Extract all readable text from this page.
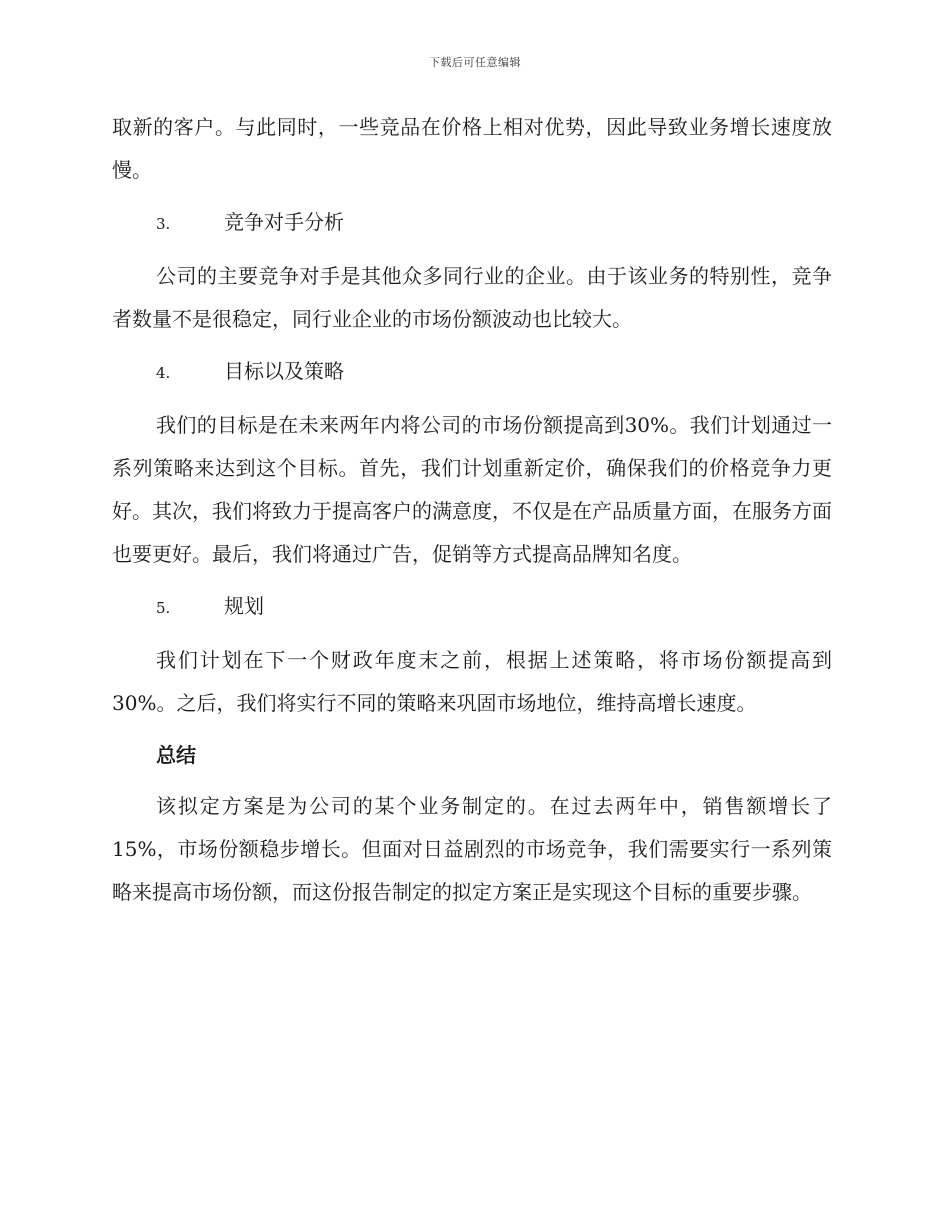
下载后可任意编辑

取新的客户。与此同时，一些竞品在价格上相对优势，因此导致业务增长速度放慢。

3.	竞争对手分析

公司的主要竞争对手是其他众多同行业的企业。由于该业务的特别性，竞争者数量不是很稳定，同行业企业的市场份额波动也比较大。

4.	目标以及策略

我们的目标是在未来两年内将公司的市场份额提高到30%。我们计划通过一系列策略来达到这个目标。首先，我们计划重新定价，确保我们的价格竞争力更好。其次，我们将致力于提高客户的满意度，不仅是在产品质量方面，在服务方面也要更好。最后，我们将通过广告，促销等方式提高品牌知名度。

5.	规划

我们计划在下一个财政年度末之前，根据上述策略，将市场份额提高到30%。之后，我们将实行不同的策略来巩固市场地位，维持高增长速度。

总结

该拟定方案是为公司的某个业务制定的。在过去两年中，销售额增长了15%，市场份额稳步增长。但面对日益剧烈的市场竞争，我们需要实行一系列策略来提高市场份额，而这份报告制定的拟定方案正是实现这个目标的重要步骤。
